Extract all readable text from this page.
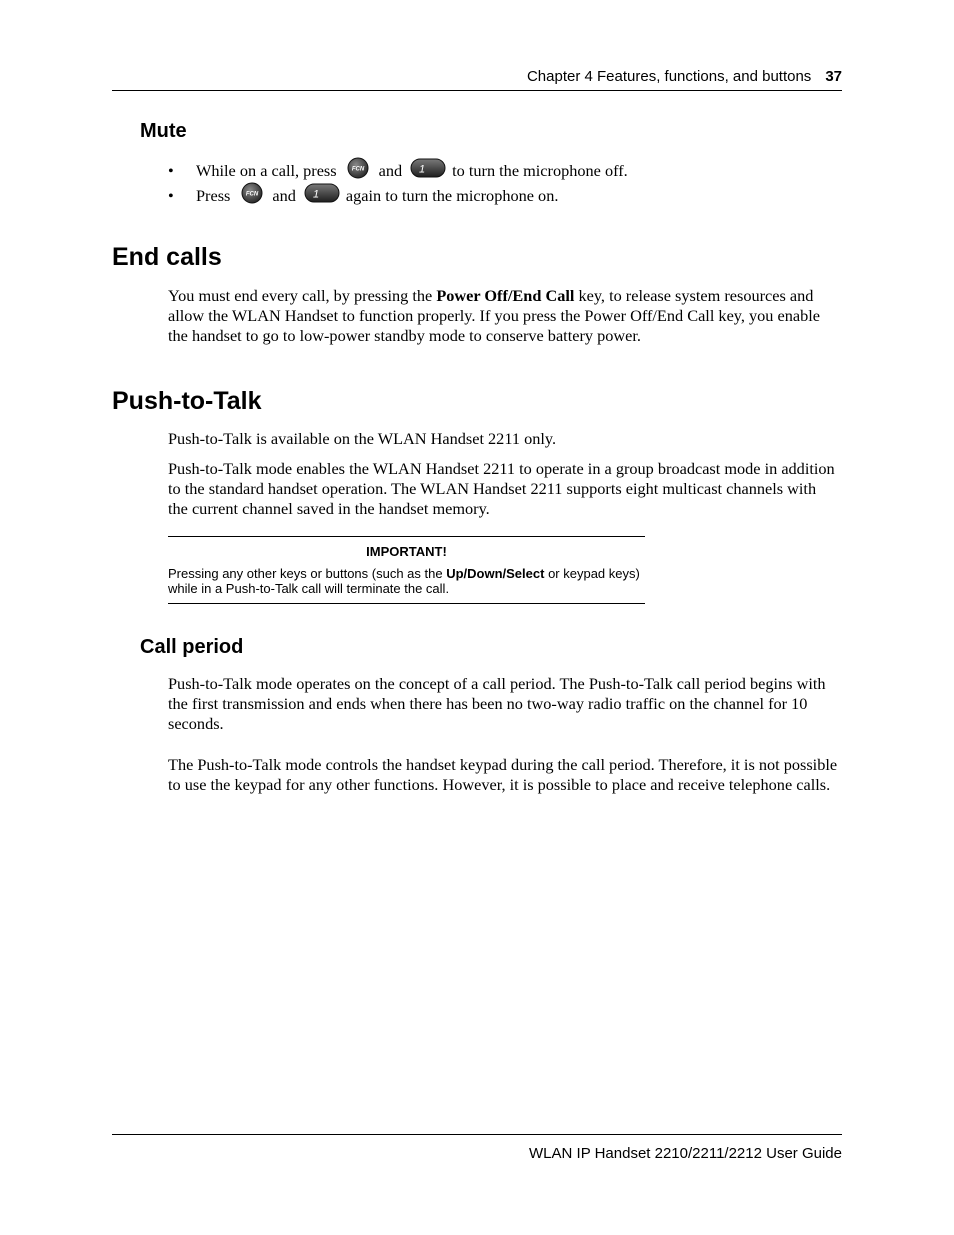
Chapter 4 Features, functions, and buttons 37
Mute
• While on a call, press FCN and 1 to turn the microphone off.
• Press	FCN and 1 again to turn the microphone on.
End calls

You must end every call, by pressing the Power Off/End Call key, to release system resources and allow the WLAN Handset to function properly. If you press the Power Off/End Call key, you enable the handset to go to low-power standby mode to conserve battery power.

Push-to-Talk

Push-to-Talk is available on the WLAN Handset 2211 only.

Push-to-Talk mode enables the WLAN Handset 2211 to operate in a group broadcast mode in addition to the standard handset operation. The WLAN Handset 2211 supports eight multicast channels with the current channel saved in the handset memory.

IMPORTANT!
Pressing any other keys or buttons (such as the Up/Down/Select or keypad keys) while in a Push-to-Talk call will terminate the call.
Call period

Push-to-Talk mode operates on the concept of a call period. The Push-to-Talk call period begins with the first transmission and ends when there has been no two-way radio traffic on the channel for 10 seconds.

The Push-to-Talk mode controls the handset keypad during the call period. Therefore, it is not possible to use the keypad for any other functions. However, it is possible to place and receive telephone calls.

WLAN IP Handset 2210/2211/2212 User Guide
